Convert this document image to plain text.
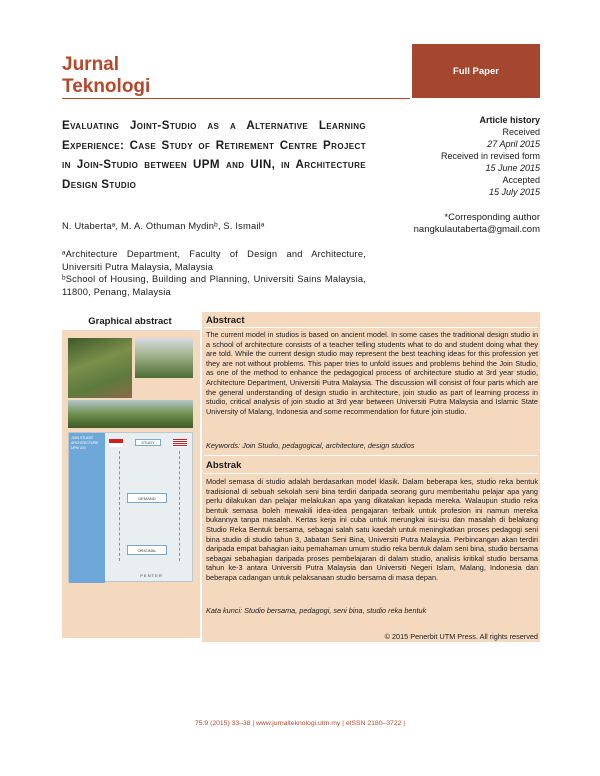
Jurnal
Teknologi
Full Paper
Evaluating Joint-Studio as a Alternative Learning Experience: Case Study of Retirement Centre Project in Join-Studio between UPM and UIN, in Architecture Design Studio
Article history
Received
27 April 2015
Received in revised form
15 June 2015
Accepted
15 July 2015
*Corresponding author
nangkulautaberta@gmail.com
N. Utabertaᵃ, M. A. Othuman Mydinᵇ, S. Ismailᵃ
ᵃArchitecture Department, Faculty of Design and Architecture, Universiti Putra Malaysia, Malaysia
ᵇSchool of Housing, Building and Planning, Universiti Sains Malaysia, 11800, Penang, Malaysia
Graphical abstract
JOIN STUDIO ARCHITECTURE UPM UIN
STUDY
DEMAND
ORIGINAL
P E N T E R
Abstract
The current model in studios is based on ancient model. In some cases the traditional design studio in a school of architecture consists of a teacher telling students what to do and student doing what they are told. While the current design studio may represent the best teaching ideas for this profession yet they are not without problems. This paper tries to unfold issues and problems behind the Join Studio, as one of the method to enhance the pedagogical process of architecture studio at 3rd year studio, Architecture Department, Universiti Putra Malaysia. The discussion will consist of four parts which are the general understanding of design studio in architecture, join studio as part of learning process in studio, critical analysis of join studio at 3rd year between Universiti Putra Malaysia and Islamic State University of Malang, Indonesia and some recommendation for future join studio.
Keywords: Join Studio, pedagogical, architecture, design studios
Abstrak
Model semasa di studio adalah berdasarkan model klasik. Dalam beberapa kes, studio reka bentuk tradisional di sebuah sekolah seni bina terdiri daripada seorang guru memberitahu pelajar apa yang perlu dilakukan dan pelajar melakukan apa yang dikatakan kepada mereka. Walaupun studio reka bentuk semasa boleh mewakili idea-idea pengajaran terbaik untuk profesion ini namun mereka bukannya tanpa masalah. Kertas kerja ini cuba untuk merungkai isu-isu dan masalah di belakang Studio Reka Bentuk bersama, sebagai salah satu kaedah untuk meningkatkan proses pedagogi seni bina studio di studio tahun 3, Jabatan Seni Bina, Universiti Putra Malaysia. Perbincangan akan terdiri daripada empat bahagian iaitu pemahaman umum studio reka bentuk dalam seni bina, studio bersama sebagai sebahagian daripada proses pembelajaran di dalam studio, analisis kritikal studio bersama tahun ke-3 antara Universiti Putra Malaysia dan Universiti Negeri Islam, Malang, Indonesia dan beberapa cadangan untuk pelaksanaan studio bersama di masa depan.
Kata kunci: Studio bersama, pedagogi, seni bina, studio reka bentuk
© 2015 Penerbit UTM Press. All rights reserved
75:9 (2015) 33–38 | www.jurnalteknologi.utm.my | eISSN 2180–3722 |
